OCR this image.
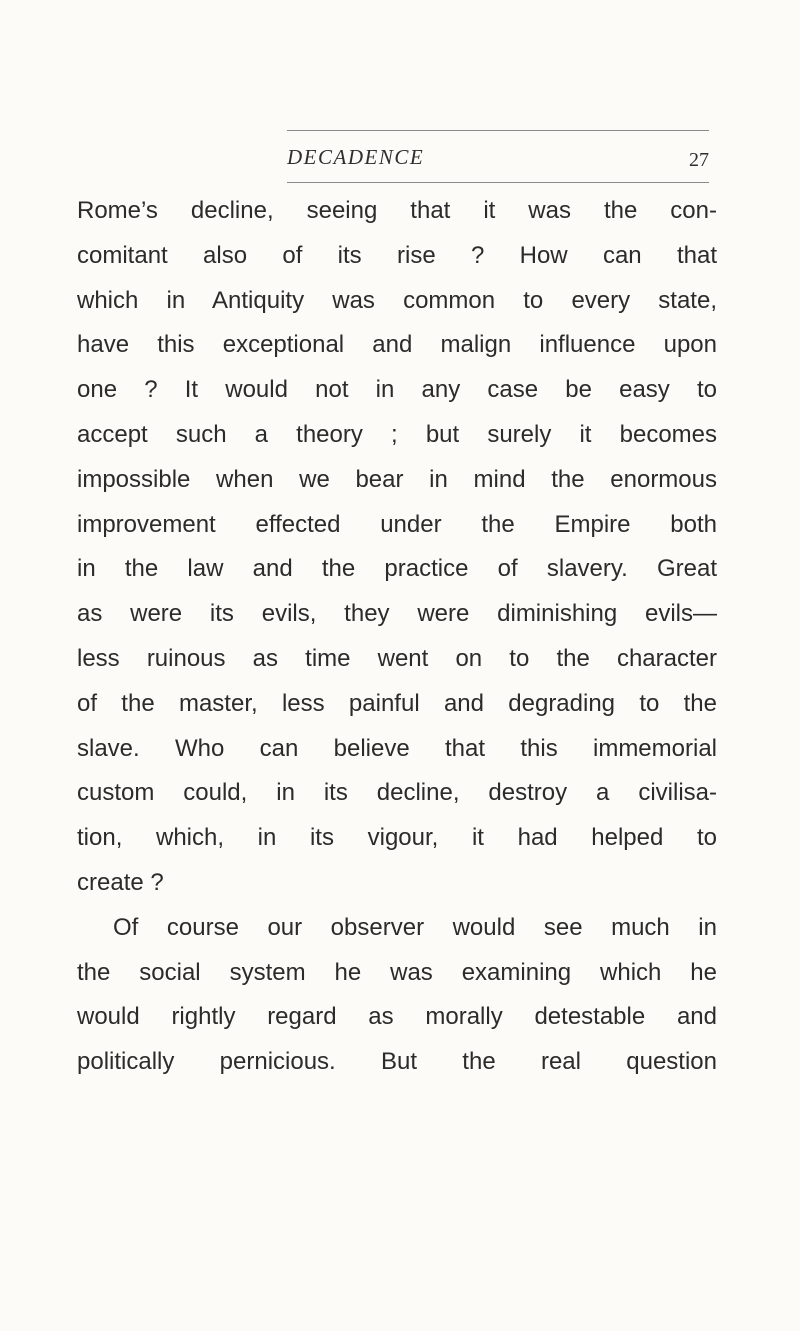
DECADENCE	27
Rome’s decline, seeing that it was the con-
comitant also of its rise ? How can that
which in Antiquity was common to every state,
have this exceptional and malign influence upon
one ? It would not in any case be easy to
accept such a theory ; but surely it becomes
impossible when we bear in mind the enormous
improvement effected under the Empire both
in the law and the practice of slavery. Great
as were its evils, they were diminishing evils—
less ruinous as time went on to the character
of the master, less painful and degrading to the
slave. Who can believe that this immemorial
custom could, in its decline, destroy a civilisa-
tion, which, in its vigour, it had helped to
create ?
Of course our observer would see much in
the social system he was examining which he
would rightly regard as morally detestable and
politically pernicious. But the real question
